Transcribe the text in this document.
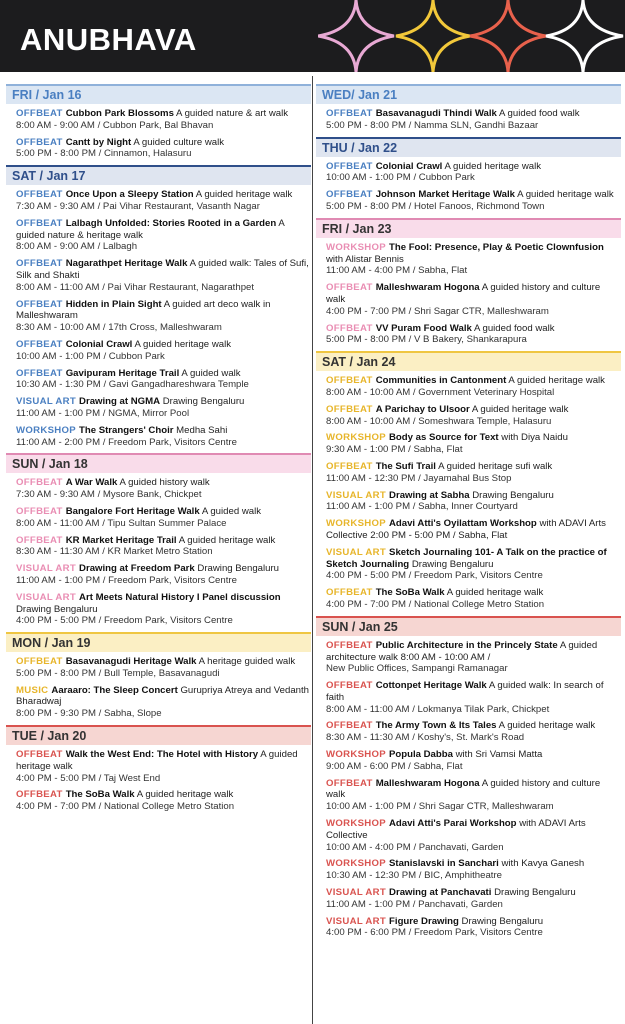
ANUBHAVA
FRI / Jan 16
OFFBEAT Cubbon Park Blossoms A guided nature & art walk
8:00 AM - 9:00 AM / Cubbon Park, Bal Bhavan
OFFBEAT Cantt by Night A guided culture walk
5:00 PM - 8:00 PM / Cinnamon, Halasuru
SAT / Jan 17
OFFBEAT Once Upon a Sleepy Station A guided heritage walk
7:30 AM - 9:30 AM / Pai Vihar Restaurant, Vasanth Nagar
OFFBEAT Lalbagh Unfolded: Stories Rooted in a Garden A guided nature & heritage walk
8:00 AM - 9:00 AM / Lalbagh
OFFBEAT Nagarathpet Heritage Walk A guided walk: Tales of Sufi, Silk and Shakti
8:00 AM - 11:00 AM / Pai Vihar Restaurant, Nagarathpet
OFFBEAT Hidden in Plain Sight A guided art deco walk in Malleshwaram
8:30 AM - 10:00 AM / 17th Cross, Malleshwaram
OFFBEAT Colonial Crawl A guided heritage walk
10:00 AM - 1:00 PM / Cubbon Park
OFFBEAT Gavipuram Heritage Trail A guided walk
10:30 AM - 1:30 PM / Gavi Gangadhareshwara Temple
VISUAL ART Drawing at NGMA Drawing Bengaluru
11:00 AM - 1:00 PM / NGMA, Mirror Pool
WORKSHOP The Strangers' Choir Medha Sahi
11:00 AM - 2:00 PM / Freedom Park, Visitors Centre
SUN / Jan 18
OFFBEAT A War Walk A guided history walk
7:30 AM - 9:30 AM / Mysore Bank, Chickpet
OFFBEAT Bangalore Fort Heritage Walk A guided walk
8:00 AM - 11:00 AM / Tipu Sultan Summer Palace
OFFBEAT KR Market Heritage Trail A guided heritage walk
8:30 AM - 11:30 AM / KR Market Metro Station
VISUAL ART Drawing at Freedom Park Drawing Bengaluru
11:00 AM - 1:00 PM / Freedom Park, Visitors Centre
VISUAL ART Art Meets Natural History I Panel discussion Drawing Bengaluru
4:00 PM - 5:00 PM / Freedom Park, Visitors Centre
MON / Jan 19
OFFBEAT Basavanagudi Heritage Walk A heritage guided walk
5:00 PM - 8:00 PM / Bull Temple, Basavanagudi
MUSIC Aaraaro: The Sleep Concert Gurupriya Atreya and Vedanth Bharadwaj
8:00 PM - 9:30 PM / Sabha, Slope
TUE / Jan 20
OFFBEAT Walk the West End: The Hotel with History A guided heritage walk
4:00 PM - 5:00 PM / Taj West End
OFFBEAT The SoBa Walk A guided heritage walk
4:00 PM - 7:00 PM / National College Metro Station
WED/ Jan 21
OFFBEAT Basavanagudi Thindi Walk A guided food walk
5:00 PM - 8:00 PM / Namma SLN, Gandhi Bazaar
THU / Jan 22
OFFBEAT Colonial Crawl A guided heritage walk
10:00 AM - 1:00 PM / Cubbon Park
OFFBEAT Johnson Market Heritage Walk A guided heritage walk
5:00 PM - 8:00 PM / Hotel Fanoos, Richmond Town
FRI / Jan 23
WORKSHOP The Fool: Presence, Play & Poetic Clownfusion with Alistar Bennis
11:00 AM - 4:00 PM / Sabha, Flat
OFFBEAT Malleshwaram Hogona A guided history and culture walk
4:00 PM - 7:00 PM / Shri Sagar CTR, Malleshwaram
OFFBEAT VV Puram Food Walk A guided food walk
5:00 PM - 8:00 PM / V B Bakery, Shankarapura
SAT / Jan 24
OFFBEAT Communities in Cantonment A guided heritage walk
8:00 AM - 10:00 AM / Government Veterinary Hospital
OFFBEAT A Parichay to Ulsoor A guided heritage walk
8:00 AM - 10:00 AM / Someshwara Temple, Halasuru
WORKSHOP Body as Source for Text with Diya Naidu
9:30 AM - 1:00 PM / Sabha, Flat
OFFBEAT The Sufi Trail A guided heritage sufi walk
11:00 AM - 12:30 PM / Jayamahal Bus Stop
VISUAL ART Drawing at Sabha Drawing Bengaluru
11:00 AM - 1:00 PM / Sabha, Inner Courtyard
WORKSHOP Adavi Atti's Oyilattam Workshop with ADAVI Arts Collective 2:00 PM - 5:00 PM / Sabha, Flat
VISUAL ART Sketch Journaling 101- A Talk on the practice of Sketch Journaling Drawing Bengaluru
4:00 PM - 5:00 PM / Freedom Park, Visitors Centre
OFFBEAT The SoBa Walk A guided heritage walk
4:00 PM - 7:00 PM / National College Metro Station
SUN / Jan 25
OFFBEAT Public Architecture in the Princely State A guided architecture walk 8:00 AM - 10:00 AM /
New Public Offices, Sampangi Ramanagar
OFFBEAT Cottonpet Heritage Walk A guided walk: In search of faith
8:00 AM - 11:00 AM / Lokmanya Tilak Park, Chickpet
OFFBEAT The Army Town & Its Tales A guided heritage walk
8:30 AM - 11:30 AM / Koshy's, St. Mark's Road
WORKSHOP Popula Dabba with Sri Vamsi Matta
9:00 AM - 6:00 PM / Sabha, Flat
OFFBEAT Malleshwaram Hogona A guided history and culture walk
10:00 AM - 1:00 PM / Shri Sagar CTR, Malleshwaram
WORKSHOP Adavi Atti's Parai Workshop with ADAVI Arts Collective
10:00 AM - 4:00 PM / Panchavati, Garden
WORKSHOP Stanislavski in Sanchari with Kavya Ganesh
10:30 AM - 12:30 PM / BIC, Amphitheatre
VISUAL ART Drawing at Panchavati Drawing Bengaluru
11:00 AM - 1:00 PM / Panchavati, Garden
VISUAL ART Figure Drawing Drawing Bengaluru
4:00 PM - 6:00 PM / Freedom Park, Visitors Centre
